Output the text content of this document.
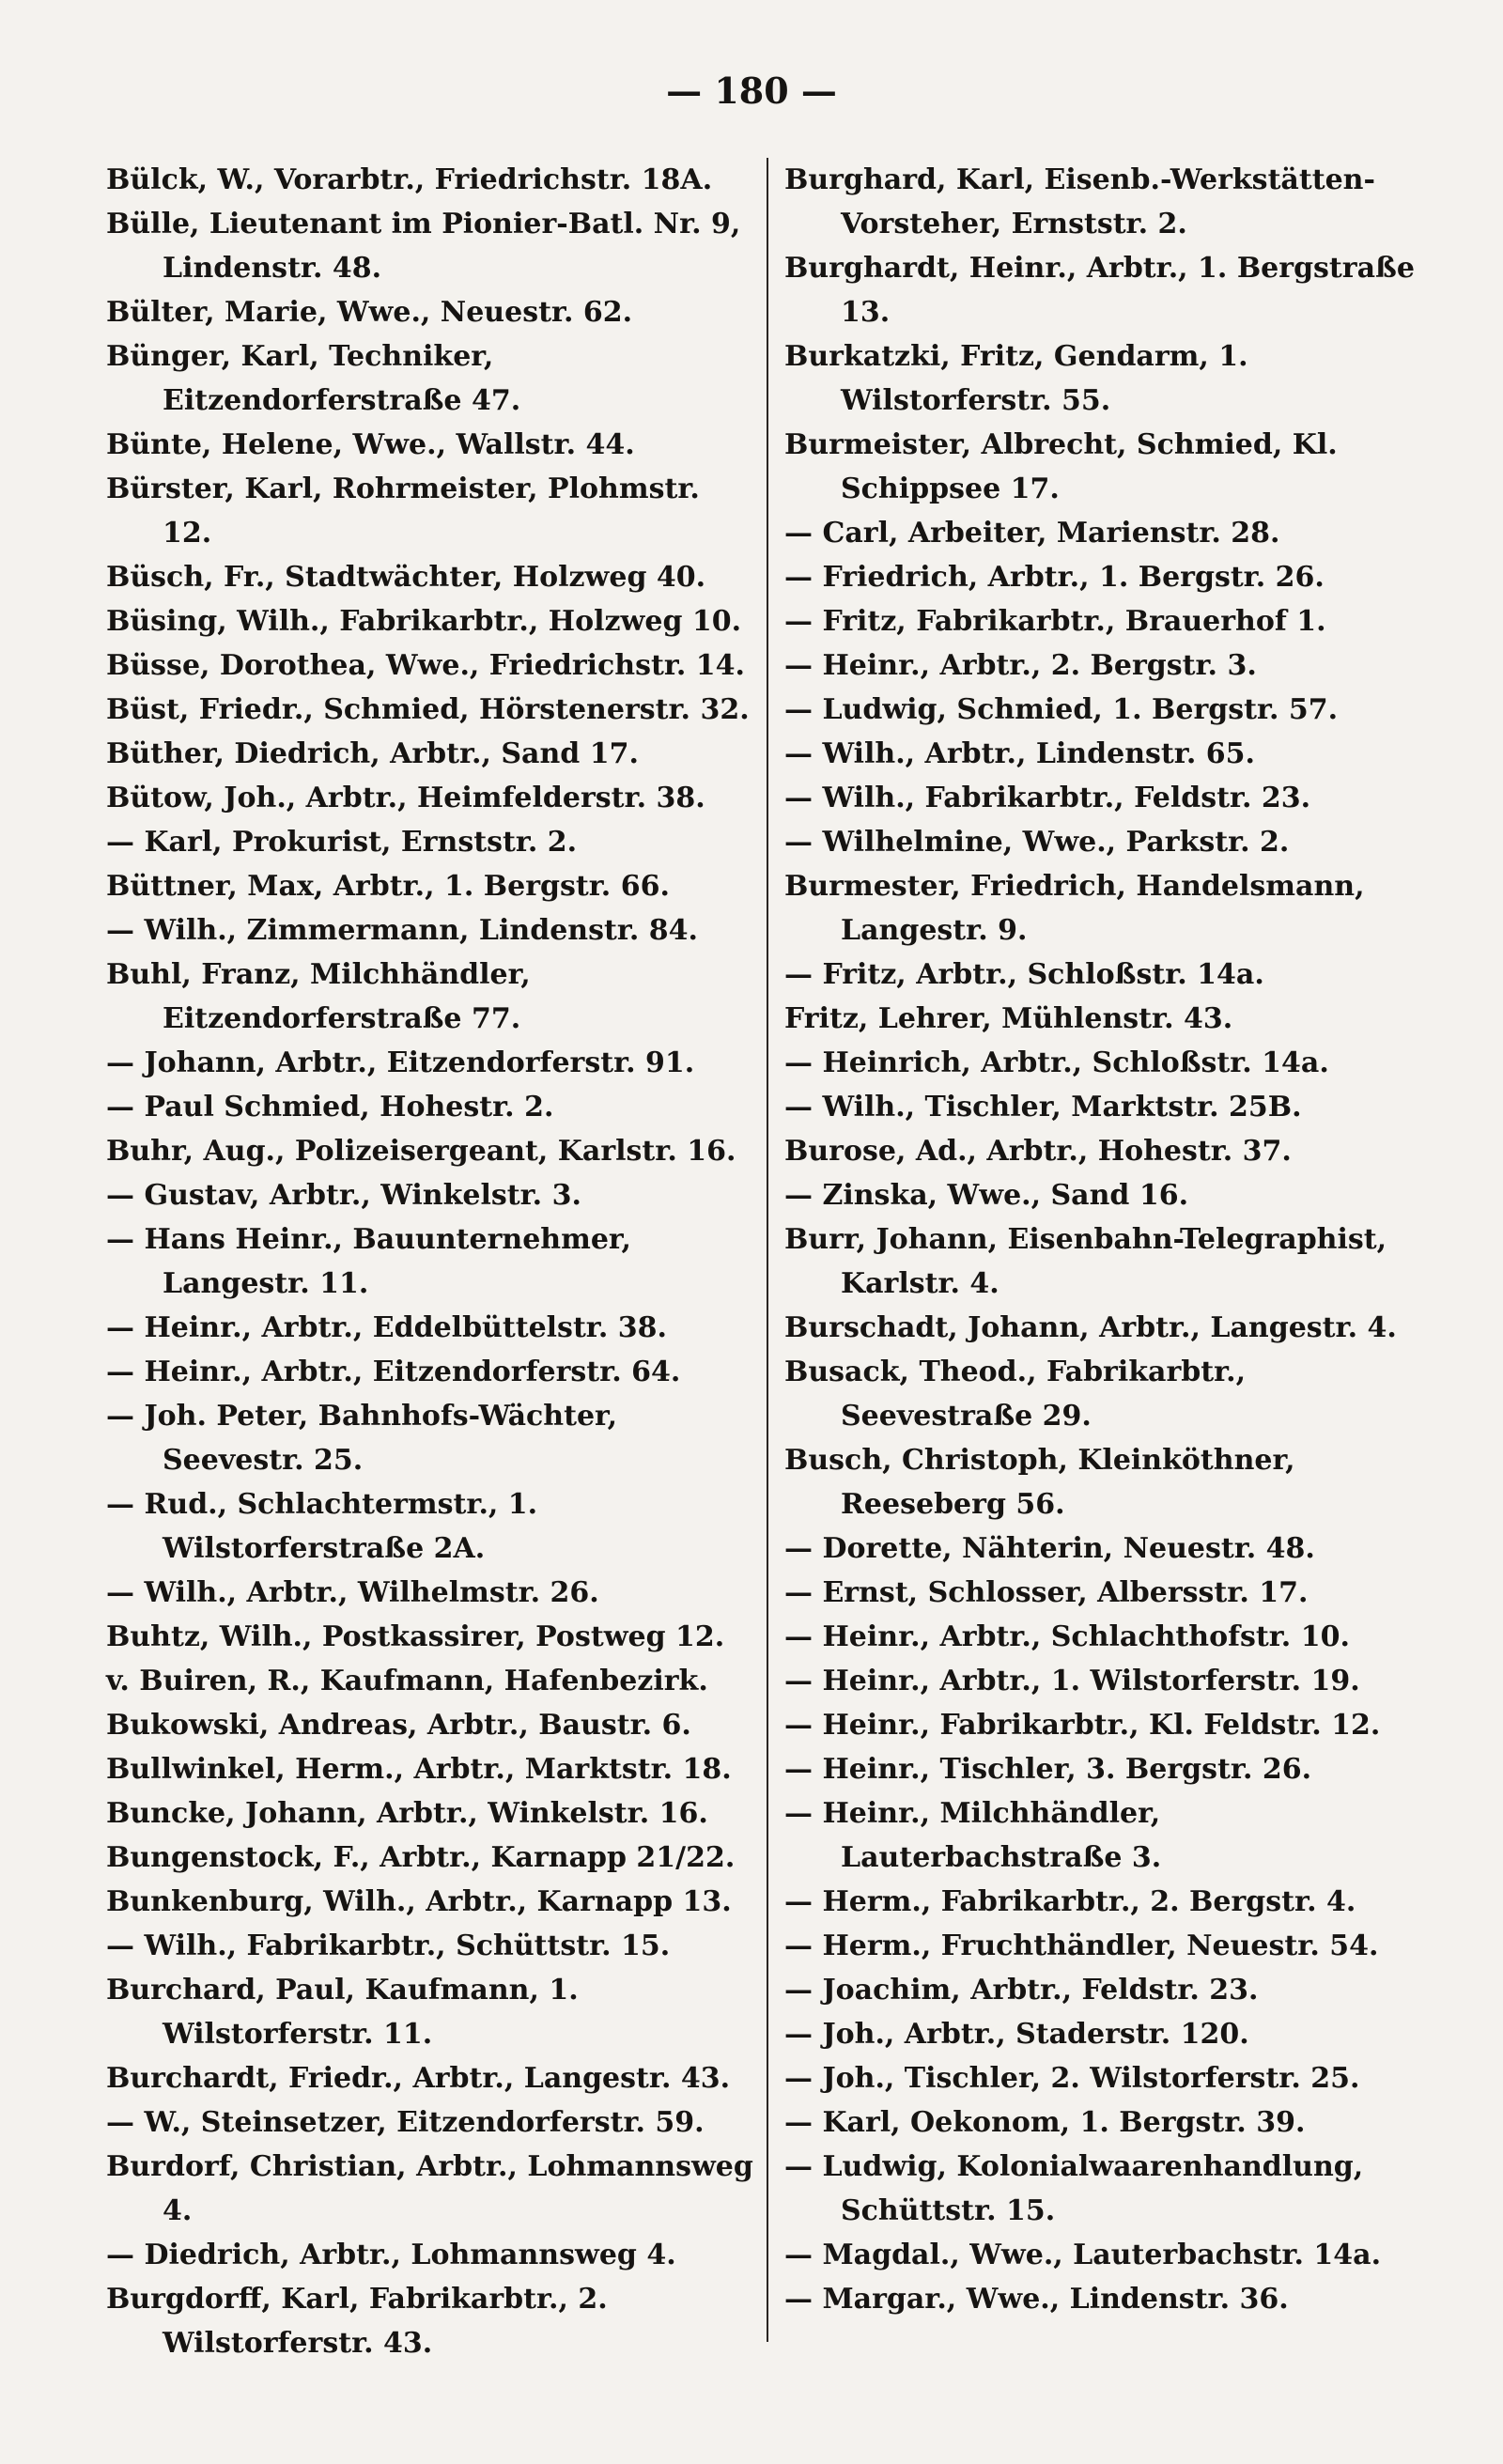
— 180 —
Bülck, W., Vorarbtr., Friedrichstr. 18A.
Bülle, Lieutenant im Pionier-Batl. Nr. 9, Lindenstr. 48.
Bülter, Marie, Wwe., Neuestr. 62.
Bünger, Karl, Techniker, Eitzendorferstraße 47.
Bünte, Helene, Wwe., Wallstr. 44.
Bürster, Karl, Rohrmeister, Plohmstr. 12.
Büsch, Fr., Stadtwächter, Holzweg 40.
Büsing, Wilh., Fabrikarbtr., Holzweg 10.
Büsse, Dorothea, Wwe., Friedrichstr. 14.
Büst, Friedr., Schmied, Hörstenerstr. 32.
Büther, Diedrich, Arbtr., Sand 17.
Bütow, Joh., Arbtr., Heimfelderstr. 38.
— Karl, Prokurist, Ernststr. 2.
Büttner, Max, Arbtr., 1. Bergstr. 66.
— Wilh., Zimmermann, Lindenstr. 84.
Buhl, Franz, Milchhändler, Eitzendorferstraße 77.
— Johann, Arbtr., Eitzendorferstr. 91.
— Paul Schmied, Hohestr. 2.
Buhr, Aug., Polizeisergeant, Karlstr. 16.
— Gustav, Arbtr., Winkelstr. 3.
— Hans Heinr., Bauunternehmer, Langestr. 11.
— Heinr., Arbtr., Eddelbüttelstr. 38.
— Heinr., Arbtr., Eitzendorferstr. 64.
— Joh. Peter, Bahnhofs-Wächter, Seevestr. 25.
— Rud., Schlachtermstr., 1. Wilstorferstraße 2A.
— Wilh., Arbtr., Wilhelmstr. 26.
Buhtz, Wilh., Postkassirer, Postweg 12.
v. Buiren, R., Kaufmann, Hafenbezirk.
Bukowski, Andreas, Arbtr., Baustr. 6.
Bullwinkel, Herm., Arbtr., Marktstr. 18.
Buncke, Johann, Arbtr., Winkelstr. 16.
Bungenstock, F., Arbtr., Karnapp 21/22.
Bunkenburg, Wilh., Arbtr., Karnapp 13.
— Wilh., Fabrikarbtr., Schüttstr. 15.
Burchard, Paul, Kaufmann, 1. Wilstorferstr. 11.
Burchardt, Friedr., Arbtr., Langestr. 43.
— W., Steinsetzer, Eitzendorferstr. 59.
Burdorf, Christian, Arbtr., Lohmannsweg 4.
— Diedrich, Arbtr., Lohmannsweg 4.
Burgdorff, Karl, Fabrikarbtr., 2. Wilstorferstr. 43.
Burghard, Karl, Eisenb.-Werkstätten-Vorsteher, Ernststr. 2.
Burghardt, Heinr., Arbtr., 1. Bergstraße 13.
Burkatzki, Fritz, Gendarm, 1. Wilstorferstr. 55.
Burmeister, Albrecht, Schmied, Kl. Schippsee 17.
— Carl, Arbeiter, Marienstr. 28.
— Friedrich, Arbtr., 1. Bergstr. 26.
— Fritz, Fabrikarbtr., Brauerhof 1.
— Heinr., Arbtr., 2. Bergstr. 3.
— Ludwig, Schmied, 1. Bergstr. 57.
— Wilh., Arbtr., Lindenstr. 65.
— Wilh., Fabrikarbtr., Feldstr. 23.
— Wilhelmine, Wwe., Parkstr. 2.
Burmester, Friedrich, Handelsmann, Langestr. 9.
— Fritz, Arbtr., Schloßstr. 14a.
Fritz, Lehrer, Mühlenstr. 43.
— Heinrich, Arbtr., Schloßstr. 14a.
— Wilh., Tischler, Marktstr. 25B.
Burose, Ad., Arbtr., Hohestr. 37.
— Zinska, Wwe., Sand 16.
Burr, Johann, Eisenbahn-Telegraphist, Karlstr. 4.
Burschadt, Johann, Arbtr., Langestr. 4.
Busack, Theod., Fabrikarbtr., Seevestraße 29.
Busch, Christoph, Kleinköthner, Reeseberg 56.
— Dorette, Nähterin, Neuestr. 48.
— Ernst, Schlosser, Albersstr. 17.
— Heinr., Arbtr., Schlachthofstr. 10.
— Heinr., Arbtr., 1. Wilstorferstr. 19.
— Heinr., Fabrikarbtr., Kl. Feldstr. 12.
— Heinr., Tischler, 3. Bergstr. 26.
— Heinr., Milchhändler, Lauterbachstraße 3.
— Herm., Fabrikarbtr., 2. Bergstr. 4.
— Herm., Fruchthändler, Neuestr. 54.
— Joachim, Arbtr., Feldstr. 23.
— Joh., Arbtr., Staderstr. 120.
— Joh., Tischler, 2. Wilstorferstr. 25.
— Karl, Oekonom, 1. Bergstr. 39.
— Ludwig, Kolonialwaarenhandlung, Schüttstr. 15.
— Magdal., Wwe., Lauterbachstr. 14a.
— Margar., Wwe., Lindenstr. 36.
